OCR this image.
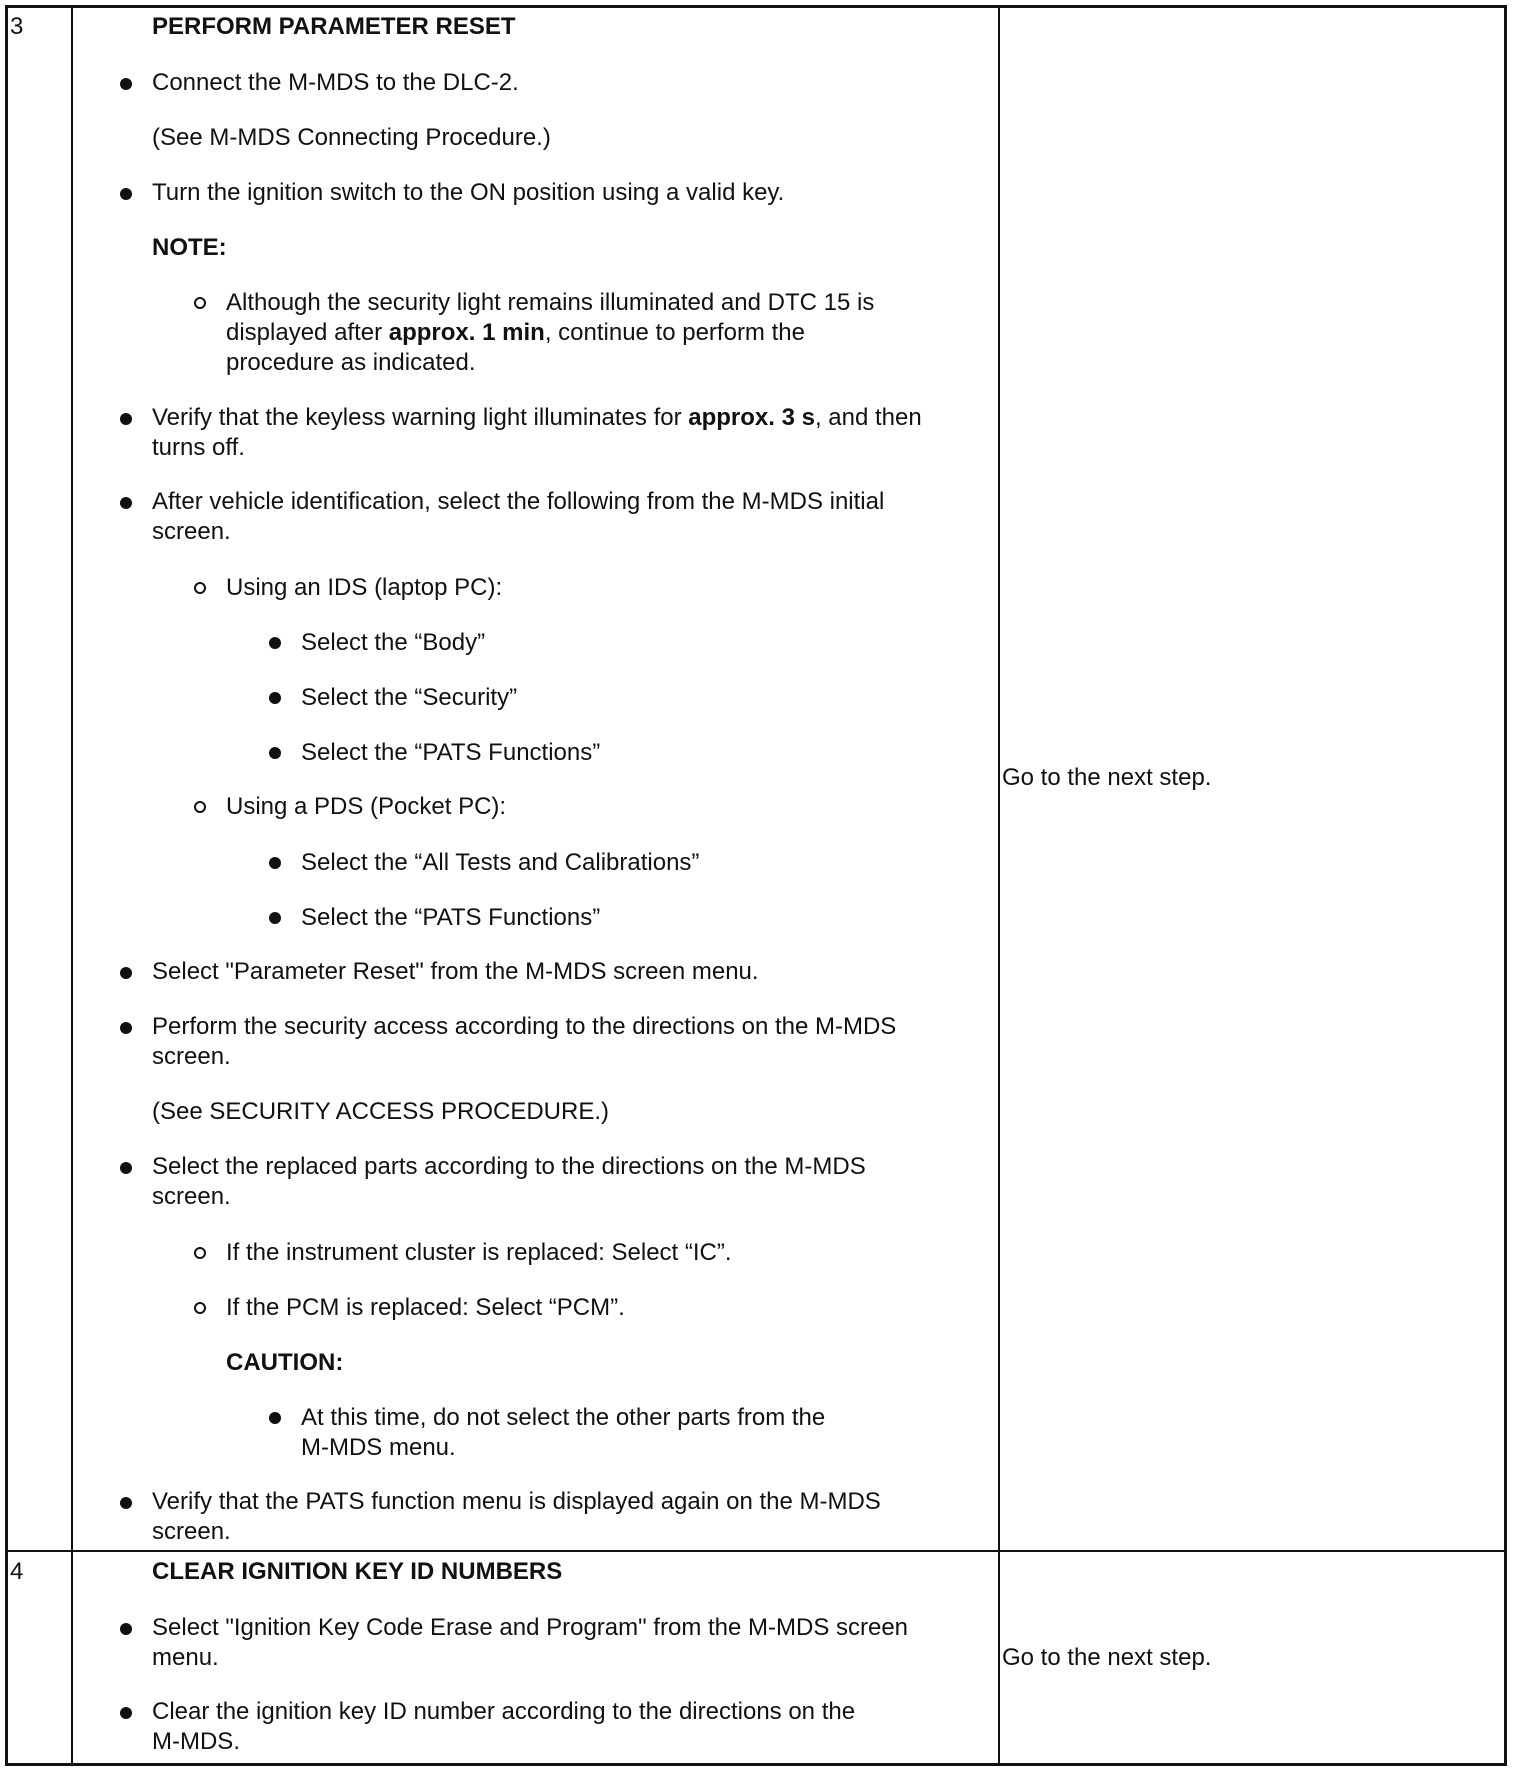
3	PERFORM PARAMETER RESET
Connect the M-MDS to the DLC-2.
(See M-MDS Connecting Procedure.)
Turn the ignition switch to the ON position using a valid key.
NOTE:
Although the security light remains illuminated and DTC 15 is
displayed after approx. 1 min, continue to perform the
procedure as indicated.
Verify that the keyless warning light illuminates for approx. 3 s, and then
turns off.
After vehicle identification, select the following from the M-MDS initial
screen.
Using an IDS (laptop PC):
Select the “Body”
Select the “Security”
Select the “PATS Functions”
Using a PDS (Pocket PC):
Select the “All Tests and Calibrations”
Select the “PATS Functions”
Select "Parameter Reset" from the M-MDS screen menu.
Perform the security access according to the directions on the M-MDS
screen.
(See SECURITY ACCESS PROCEDURE.)
Select the replaced parts according to the directions on the M-MDS
screen.
If the instrument cluster is replaced: Select “IC”.
If the PCM is replaced: Select “PCM”.
CAUTION:
At this time, do not select the other parts from the
M-MDS menu.
Verify that the PATS function menu is displayed again on the M-MDS
screen.
Go to the next step.
4	CLEAR IGNITION KEY ID NUMBERS
Select "Ignition Key Code Erase and Program" from the M-MDS screen
menu.
Clear the ignition key ID number according to the directions on the
M-MDS.
Go to the next step.
